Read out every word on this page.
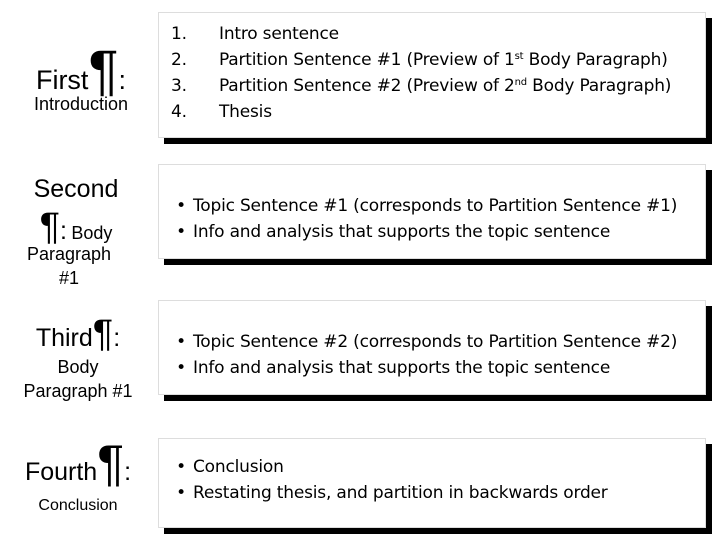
First¶:
Introduction
1.	Intro sentence
2.	Partition Sentence #1 (Preview of 1st Body Paragraph)
3.	Partition Sentence #2 (Preview of 2nd Body Paragraph)
4.	Thesis
Second
¶: Body
Paragraph #1
• Topic Sentence #1 (corresponds to Partition Sentence #1)
• Info and analysis that supports the topic sentence
Third¶:
Body Paragraph #1
• Topic Sentence #2 (corresponds to Partition Sentence #2)
• Info and analysis that supports the topic sentence
Fourth¶:
Conclusion
• Conclusion
• Restating thesis, and partition in backwards order
